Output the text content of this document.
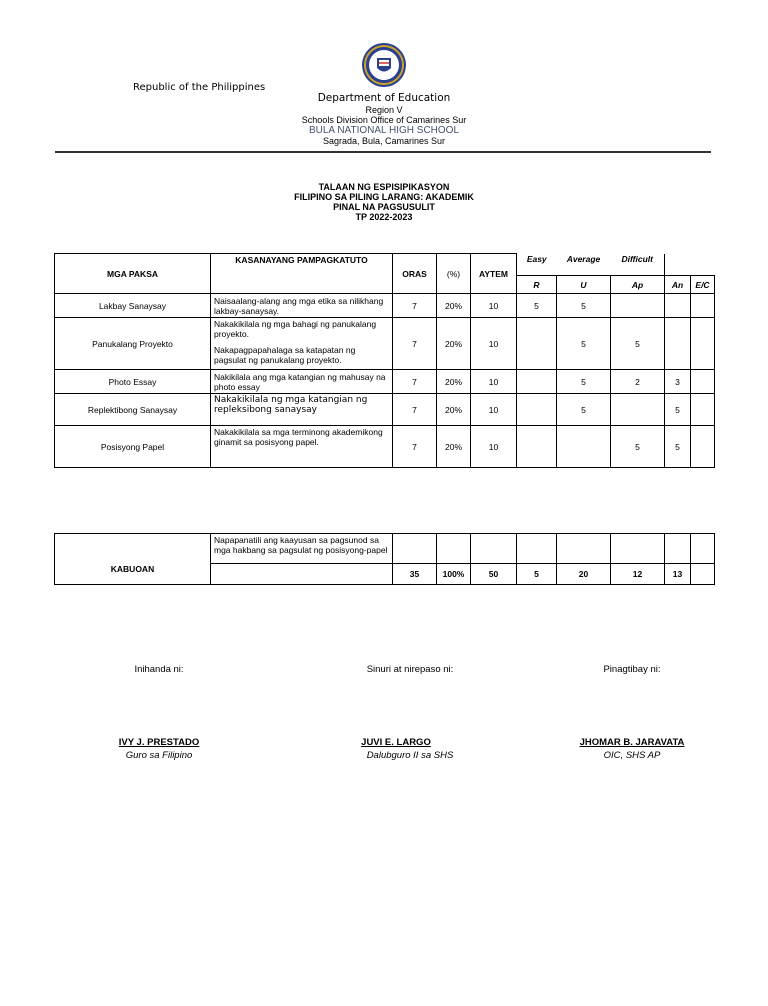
Republic of the Philippines
Department of Education
Region V
Schools Division Office of Camarines Sur
BULA NATIONAL HIGH SCHOOL
Sagrada, Bula, Camarines Sur
TALAAN NG ESPISIPIKASYON
FILIPINO SA PILING LARANG: AKADEMIK
PINAL NA PAGSUSULIT
TP 2022-2023
MGA PAKSA	KASANAYANG PAMPAGKATUTO	ORAS	(%)	AYTEM	Easy	Average	Difficult		
					R	U	Ap	An	E/C
Lakbay Sanaysay	Naisaalang-alang ang mga etika sa nilikhang lakbay-sanaysay.	7	20%	10	5	5			
Panukalang Proyekto	Nakakikilala ng mga bahagi ng panukalang proyekto.
Nakapagpapahalaga sa katapatan ng pagsulat ng panukalang proyekto.	7	20%	10		5	5		
Photo Essay	Nakikilala ang mga katangian ng mahusay na photo essay	7	20%	10		5	2	3	
Replektibong Sanaysay	Nakakikilala ng mga katangian ng repleksibong sanaysay	7	20%	10		5		5	
Posisyong Papel	Nakakikilala sa mga terminong akademikong ginamit sa posisyong papel.	7	20%	10			5	5	
	Napapanatili ang kaayusan sa pagsunod sa mga hakbang sa pagsulat ng posisyong-papel								
KABUOAN		35	100%	50	5	20	12	13	
Inihanda ni:	Sinuri at nirepaso ni:	Pinagtibay ni:
IVY J. PRESTADO	JUVI E. LARGO	JHOMAR B. JARAVATA
Guro sa Filipino	Dalubguro II sa SHS	OIC, SHS AP
